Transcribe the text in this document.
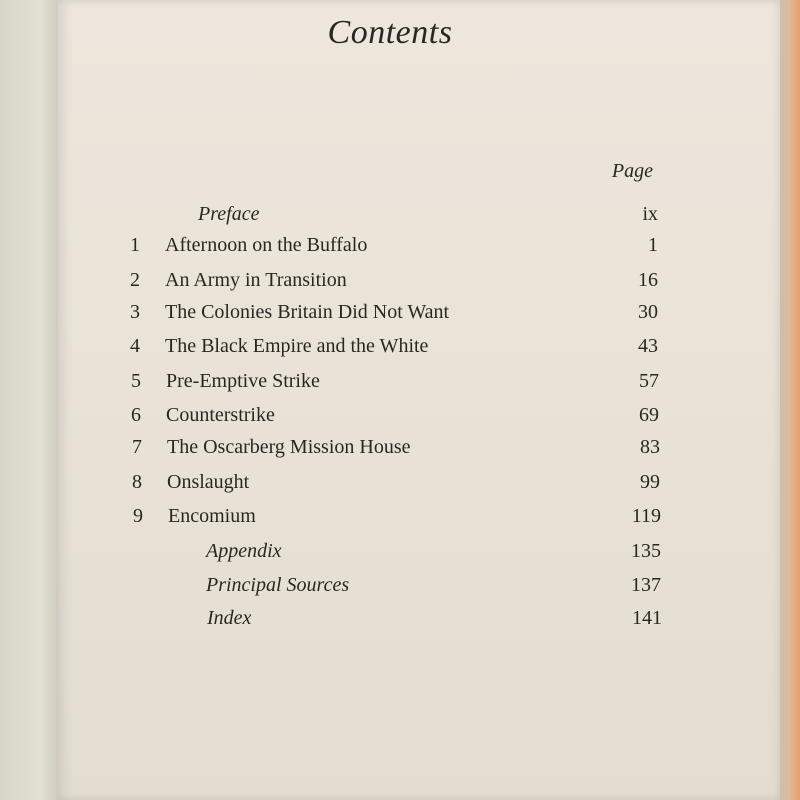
Contents
Page
Preface	ix
1	Afternoon on the Buffalo	1
2	An Army in Transition	16
3	The Colonies Britain Did Not Want	30
4	The Black Empire and the White	43
5	Pre-Emptive Strike	57
6	Counterstrike	69
7	The Oscarberg Mission House	83
8	Onslaught	99
9	Encomium	119
Appendix	135
Principal Sources	137
Index	141
